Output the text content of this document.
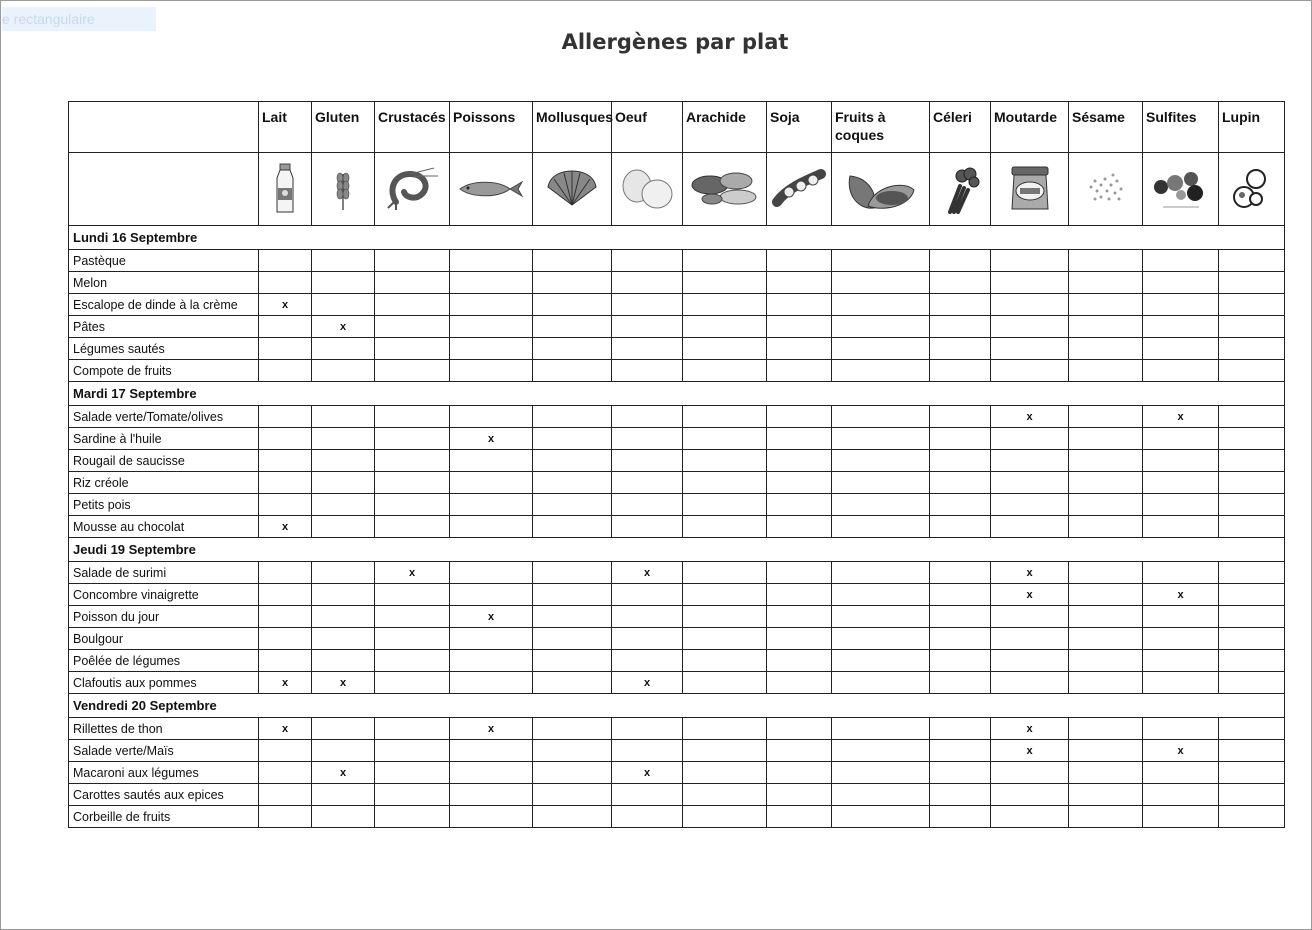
e rectangulaire
Allergènes par plat
	Lait	Gluten	Crustacés	Poissons	Mollusques	Oeuf	Arachide	Soja	Fruits à coques	Céleri	Moutarde	Sésame	Sulfites	Lupin

Lundi 16 Septembre														
Pastèque														
Melon														
Escalope de dinde à la crème	x													
Pâtes		x												
Légumes sautés														
Compote de fruits														
Mardi 17 Septembre														
Salade verte/Tomate/olives											x		x	
Sardine à l'huile				x										
Rougail de saucisse														
Riz créole														
Petits pois														
Mousse au chocolat	x													
Jeudi 19 Septembre														
Salade de surimi			x			x					x			
Concombre vinaigrette											x		x	
Poisson du jour				x										
Boulgour														
Poêlée de légumes														
Clafoutis aux pommes	x	x				x								
Vendredi 20 Septembre														
Rillettes de thon	x			x							x			
Salade verte/Maïs											x		x	
Macaroni aux légumes		x				x								
Carottes sautés aux epices														
Corbeille de fruits														
